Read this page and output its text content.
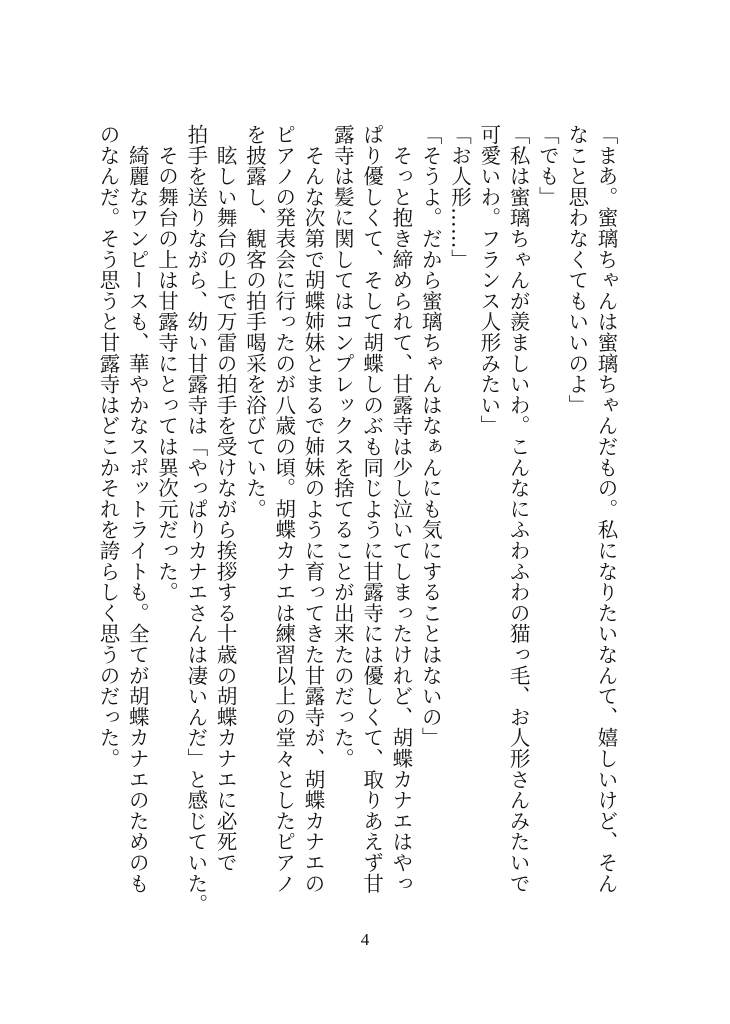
「まあ。蜜璃ちゃんは蜜璃ちゃんだもの。私になりたいなんて、嬉しいけど、そん
なこと思わなくてもいいのよ」
「でも」
「私は蜜璃ちゃんが羨ましいわ。こんなにふわふわの猫っ毛、お人形さんみたいで
可愛いわ。フランス人形みたい」
「お人形……」
「そうよ。だから蜜璃ちゃんはなぁんにも気にすることはないの」
　そっと抱き締められて、甘露寺は少し泣いてしまったけれど、胡蝶カナエはやっ
ぱり優しくて、そして胡蝶しのぶも同じように甘露寺には優しくて、取りあえず甘
露寺は髪に関してはコンプレックスを捨てることが出来たのだった。
　そんな次第で胡蝶姉妹とまるで姉妹のように育ってきた甘露寺が、胡蝶カナエの
ピアノの発表会に行ったのが八歳の頃。胡蝶カナエは練習以上の堂々としたピアノ
を披露し、観客の拍手喝采を浴びていた。
　眩しい舞台の上で万雷の拍手を受けながら挨拶する十歳の胡蝶カナエに必死で
拍手を送りながら、幼い甘露寺は「やっぱりカナエさんは凄いんだ」と感じていた。
　その舞台の上は甘露寺にとっては異次元だった。
　綺麗なワンピースも、華やかなスポットライトも。全てが胡蝶カナエのためのも
のなんだ。そう思うと甘露寺はどこかそれを誇らしく思うのだった。
4
